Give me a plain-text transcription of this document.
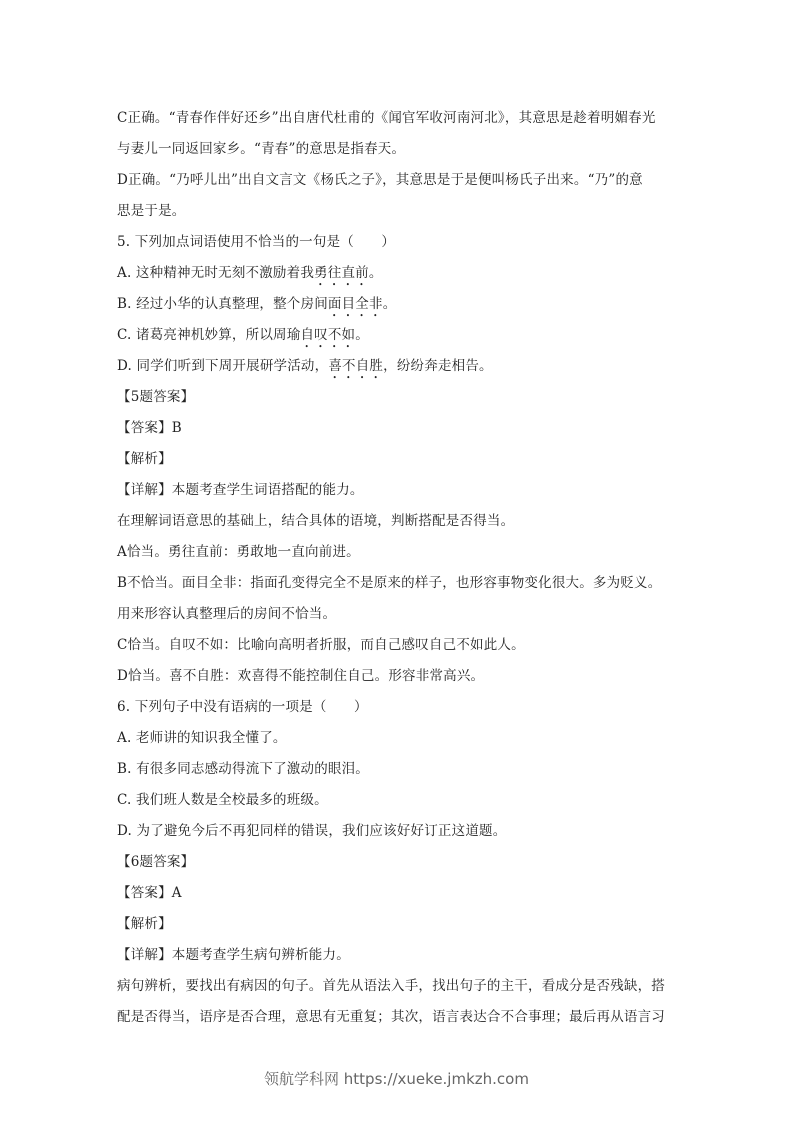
C正确。“青春作伴好还乡”出自唐代杜甫的《闻官军收河南河北》，其意思是趁着明媚春光
与妻儿一同返回家乡。“青春”的意思是指春天。
D正确。“乃呼儿出”出自文言文《杨氏之子》，其意思是于是便叫杨氏子出来。“乃”的意
思是于是。
5. 下列加点词语使用不恰当的一句是（　　）
A. 这种精神无时无刻不激励着我勇往直前。
B. 经过小华的认真整理，整个房间面目全非。
C. 诸葛亮神机妙算，所以周瑜自叹不如。
D. 同学们听到下周开展研学活动，喜不自胜，纷纷奔走相告。
【5题答案】
【答案】B
【解析】
【详解】本题考查学生词语搭配的能力。
在理解词语意思的基础上，结合具体的语境，判断搭配是否得当。
A恰当。勇往直前：勇敢地一直向前进。
B不恰当。面目全非：指面孔变得完全不是原来的样子，也形容事物变化很大。多为贬义。
用来形容认真整理后的房间不恰当。
C恰当。自叹不如：比喻向高明者折服，而自己感叹自己不如此人。
D恰当。喜不自胜：欢喜得不能控制住自己。形容非常高兴。
6. 下列句子中没有语病的一项是（　　）
A. 老师讲的知识我全懂了。
B. 有很多同志感动得流下了激动的眼泪。
C. 我们班人数是全校最多的班级。
D. 为了避免今后不再犯同样的错误，我们应该好好订正这道题。
【6题答案】
【答案】A
【解析】
【详解】本题考查学生病句辨析能力。
病句辨析，要找出有病因的句子。首先从语法入手，找出句子的主干，看成分是否残缺，搭
配是否得当，语序是否合理，意思有无重复；其次，语言表达合不合事理；最后再从语言习
领航学科网 https://xueke.jmkzh.com
